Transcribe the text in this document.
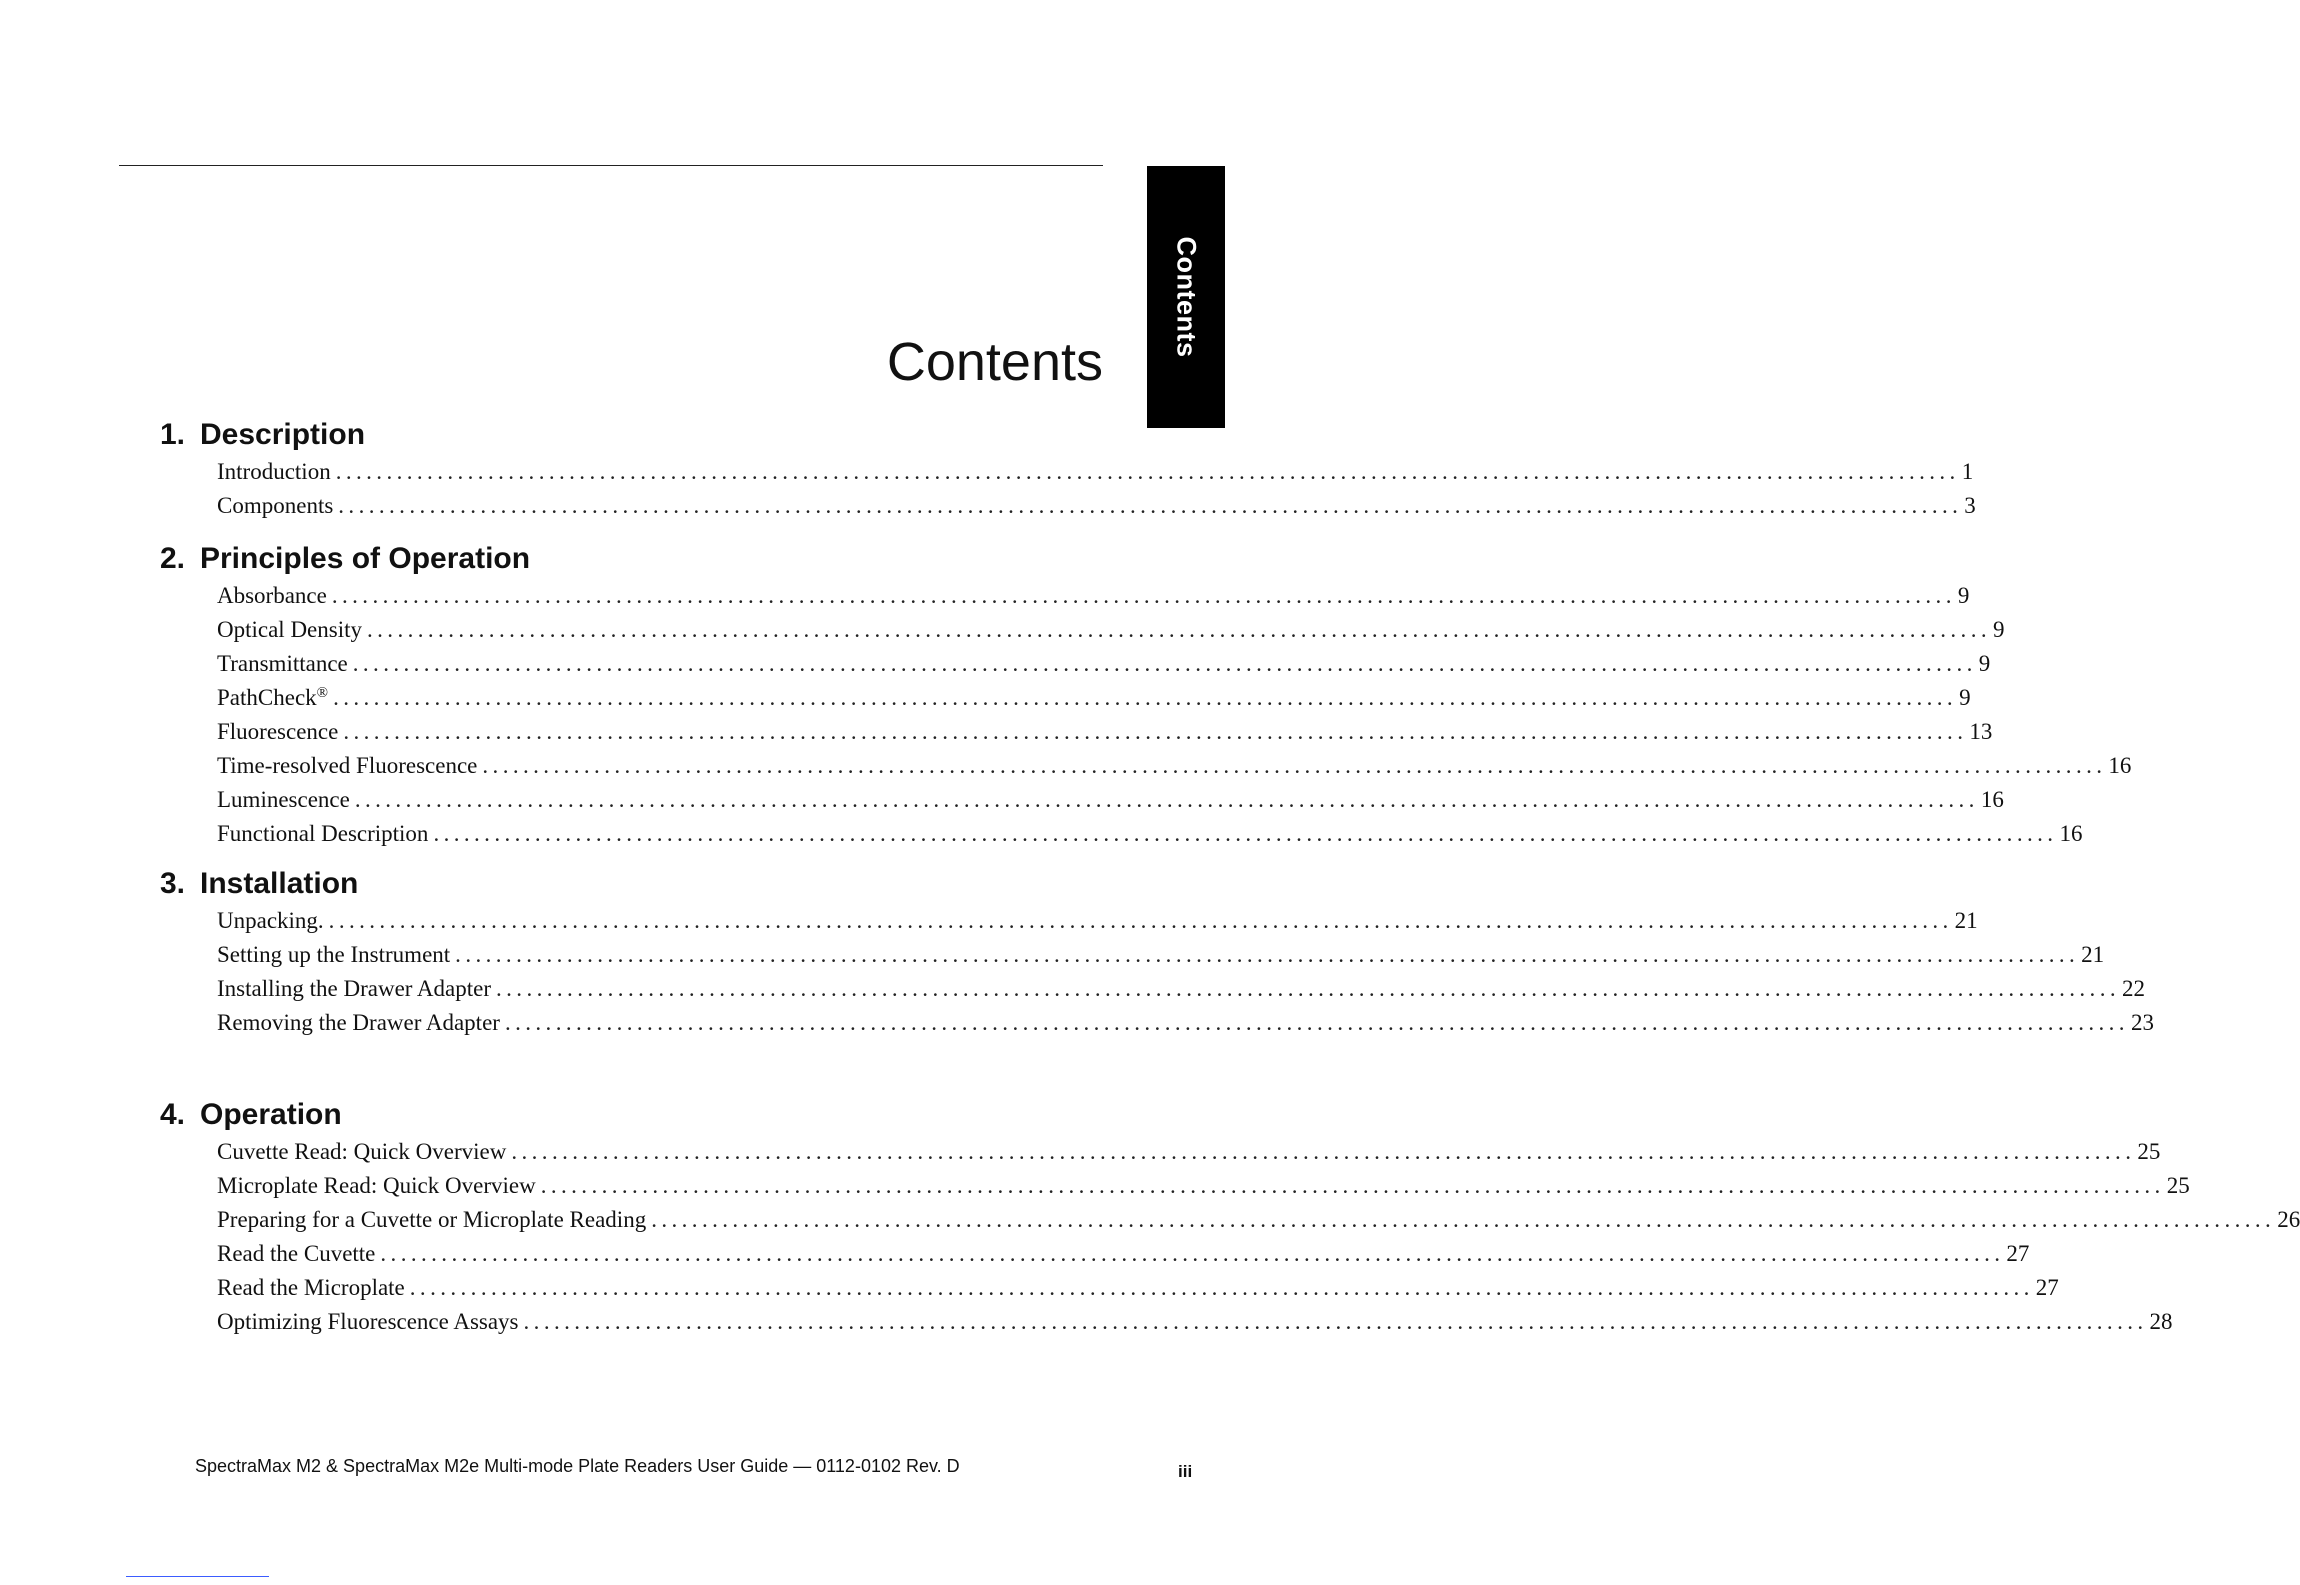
Contents
Contents
1. Description
Introduction ................................................................................................................................................................ 1
Components ................................................................................................................................................................ 3
2. Principles of Operation
Absorbance ................................................................................................................................................................ 9
Optical Density ................................................................................................................................................................ 9
Transmittance ................................................................................................................................................................ 9
PathCheck® ................................................................................................................................................................ 9
Fluorescence ................................................................................................................................................................ 13
Time-resolved Fluorescence ................................................................................................................................................................ 16
Luminescence ................................................................................................................................................................ 16
Functional Description ................................................................................................................................................................ 16
3. Installation
Unpacking. ................................................................................................................................................................ 21
Setting up the Instrument ................................................................................................................................................................ 21
Installing the Drawer Adapter ................................................................................................................................................................ 22
Removing the Drawer Adapter ................................................................................................................................................................ 23
4. Operation
Cuvette Read: Quick Overview ................................................................................................................................................................ 25
Microplate Read: Quick Overview ................................................................................................................................................................ 25
Preparing for a Cuvette or Microplate Reading ................................................................................................................................................................ 26
Read the Cuvette ................................................................................................................................................................ 27
Read the Microplate ................................................................................................................................................................ 27
Optimizing Fluorescence Assays ................................................................................................................................................................ 28
SpectraMax M2 & SpectraMax M2e Multi-mode Plate Readers User Guide — 0112-0102 Rev. D	iii
